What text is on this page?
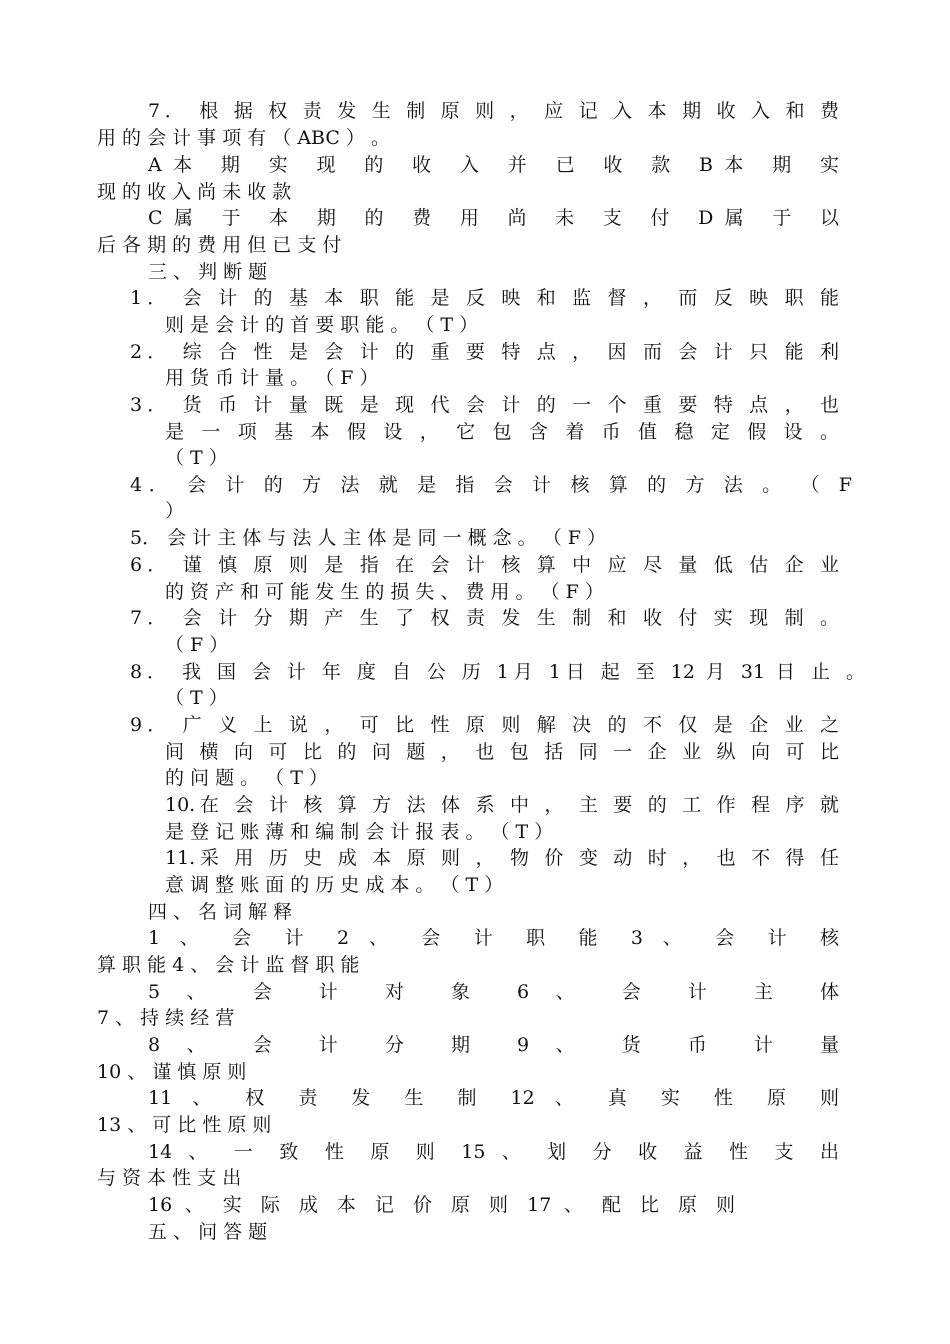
7． 根 据 权 责 发 生 制 原 则 ， 应 记 入 本 期 收 入 和 费
用 的 会 计 事 项 有 （ ABC ） 。
A本 期 实 现 的 收 入 并 已 收 款 B本 期 实
现 的 收 入 尚 未 收 款
C属 于 本 期 的 费 用 尚 未 支 付 D属 于 以
后 各 期 的 费 用 但 已 支 付
三 、 判 断 题
1． 会 计 的 基 本 职 能 是 反 映 和 监 督 ， 而 反 映 职 能
则 是 会 计 的 首 要 职 能 。 （ T ）
2． 综 合 性 是 会 计 的 重 要 特 点 ， 因 而 会 计 只 能 利
用 货 币 计 量 。 （ F ）
3． 货 币 计 量 既 是 现 代 会 计 的 一 个 重 要 特 点 ， 也
是 一 项 基 本 假 设 ， 它 包 含 着 币 值 稳 定 假 设 。
（ T ）
4． 会 计 的 方 法 就 是 指 会 计 核 算 的 方 法 。 （ F
）
5． 会 计 主 体 与 法 人 主 体 是 同 一 概 念 。 （ F ）
6． 谨 慎 原 则 是 指 在 会 计 核 算 中 应 尽 量 低 估 企 业
的 资 产 和 可 能 发 生 的 损 失 、 费 用 。 （ F ）
7． 会 计 分 期 产 生 了 权 责 发 生 制 和 收 付 实 现 制 。
（ F ）
8． 我 国 会 计 年 度 自 公 历 1月 1日 起 至 12 月 31 日 止 。
（ T ）
9． 广 义 上 说 ， 可 比 性 原 则 解 决 的 不 仅 是 企 业 之
间 横 向 可 比 的 问 题 ， 也 包 括 同 一 企 业 纵 向 可 比
的 问 题 。 （ T ）
10.在 会 计 核 算 方 法 体 系 中 ， 主 要 的 工 作 程 序 就
是 登 记 账 薄 和 编 制 会 计 报 表 。 （ T ）
11.采 用 历 史 成 本 原 则 ， 物 价 变 动 时 ， 也 不 得 任
意 调 整 账 面 的 历 史 成 本 。 （ T ）
四 、 名 词 解 释
1 、 会 计 2 、 会 计 职 能 3 、 会 计 核
算 职 能 4 、 会 计 监 督 职 能
5 、 会 计 对 象 6 、 会 计 主 体
7 、 持 续 经 营
8 、 会 计 分 期 9 、 货 币 计 量
10 、 谨 慎 原 则
11 、 权 责 发 生 制 12 、 真 实 性 原 则
13 、 可 比 性 原 则
14 、 一 致 性 原 则 15 、 划 分 收 益 性 支 出
与 资 本 性 支 出
16 、 实 际 成 本 记 价 原 则 17 、 配 比 原 则
五 、 问 答 题
